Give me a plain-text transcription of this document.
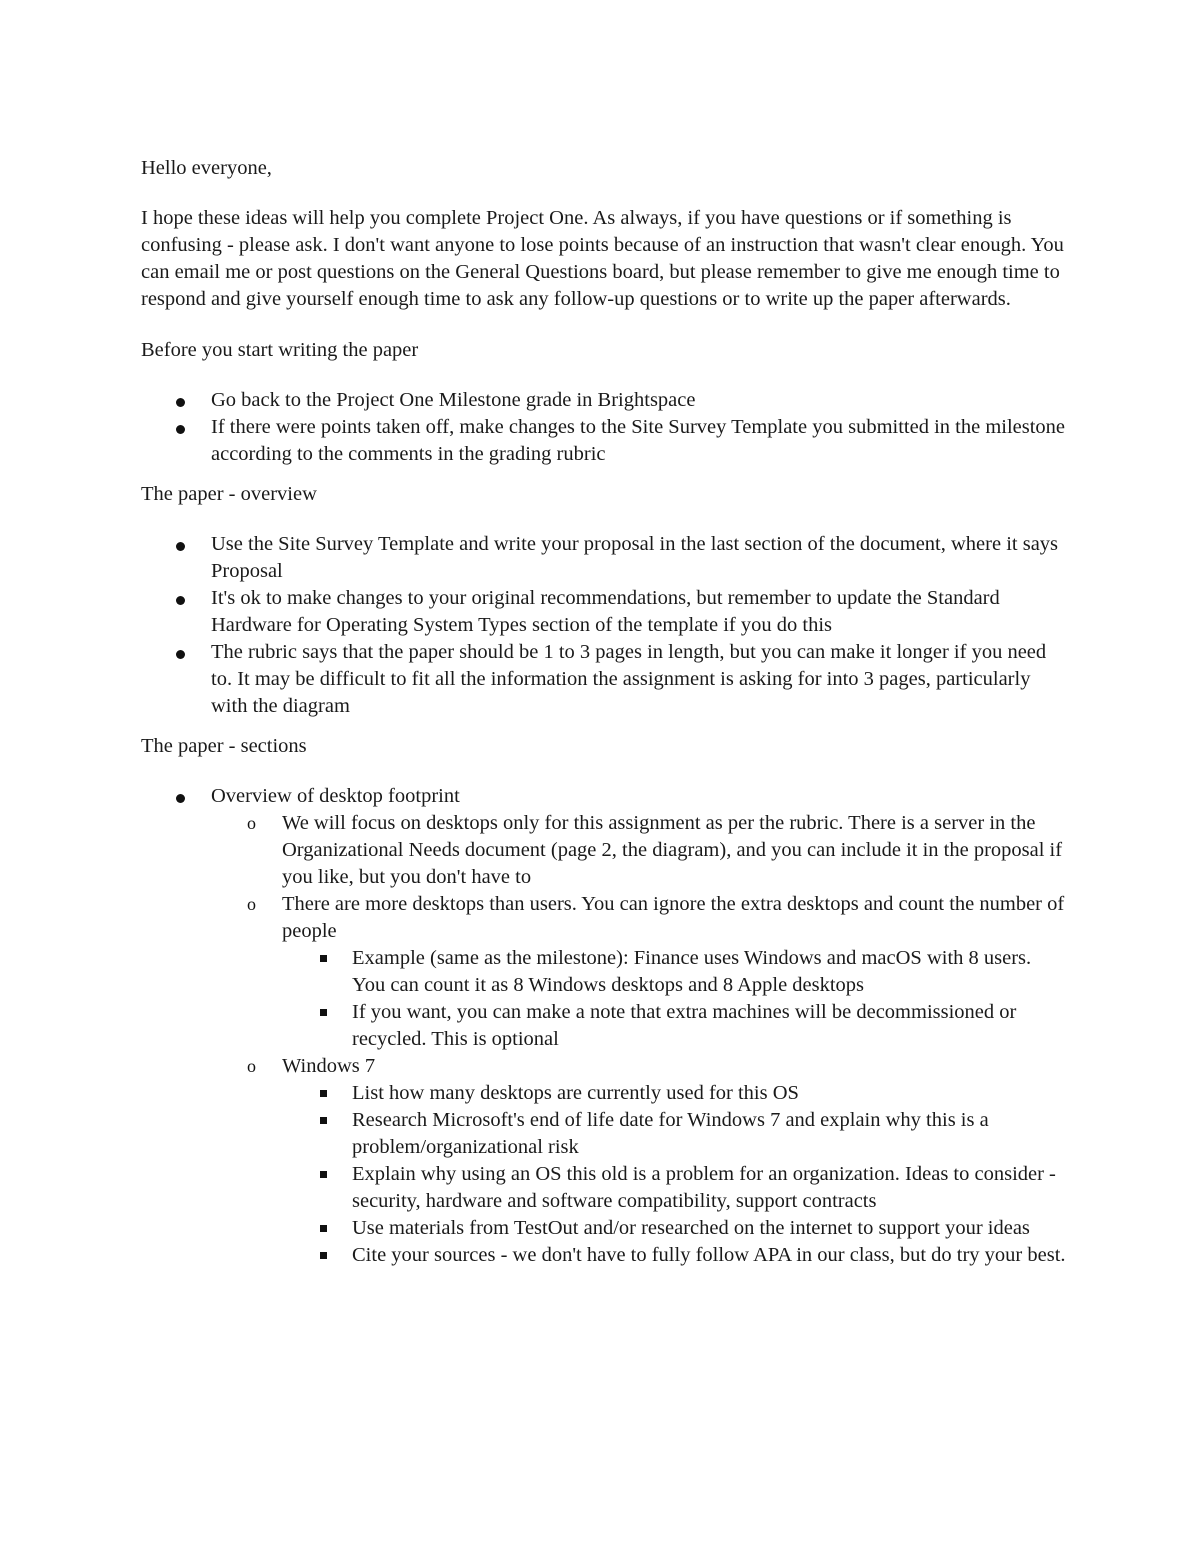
Hello everyone,

I hope these ideas will help you complete Project One. As always, if you have questions or if something is confusing - please ask. I don't want anyone to lose points because of an instruction that wasn't clear enough. You can email me or post questions on the General Questions board, but please remember to give me enough time to respond and give yourself enough time to ask any follow-up questions or to write up the paper afterwards.

Before you start writing the paper

Go back to the Project One Milestone grade in Brightspace
If there were points taken off, make changes to the Site Survey Template you submitted in the milestone according to the comments in the grading rubric

The paper - overview

Use the Site Survey Template and write your proposal in the last section of the document, where it says Proposal
It's ok to make changes to your original recommendations, but remember to update the Standard Hardware for Operating System Types section of the template if you do this
The rubric says that the paper should be 1 to 3 pages in length, but you can make it longer if you need to. It may be difficult to fit all the information the assignment is asking for into 3 pages, particularly with the diagram

The paper - sections

Overview of desktop footprint
o We will focus on desktops only for this assignment as per the rubric. There is a server in the Organizational Needs document (page 2, the diagram), and you can include it in the proposal if you like, but you don't have to
o There are more desktops than users. You can ignore the extra desktops and count the number of people
Example (same as the milestone): Finance uses Windows and macOS with 8 users. You can count it as 8 Windows desktops and 8 Apple desktops
If you want, you can make a note that extra machines will be decommissioned or recycled. This is optional
o Windows 7
List how many desktops are currently used for this OS
Research Microsoft's end of life date for Windows 7 and explain why this is a problem/organizational risk
Explain why using an OS this old is a problem for an organization. Ideas to consider - security, hardware and software compatibility, support contracts
Use materials from TestOut and/or researched on the internet to support your ideas
Cite your sources - we don't have to fully follow APA in our class, but do try your best.
